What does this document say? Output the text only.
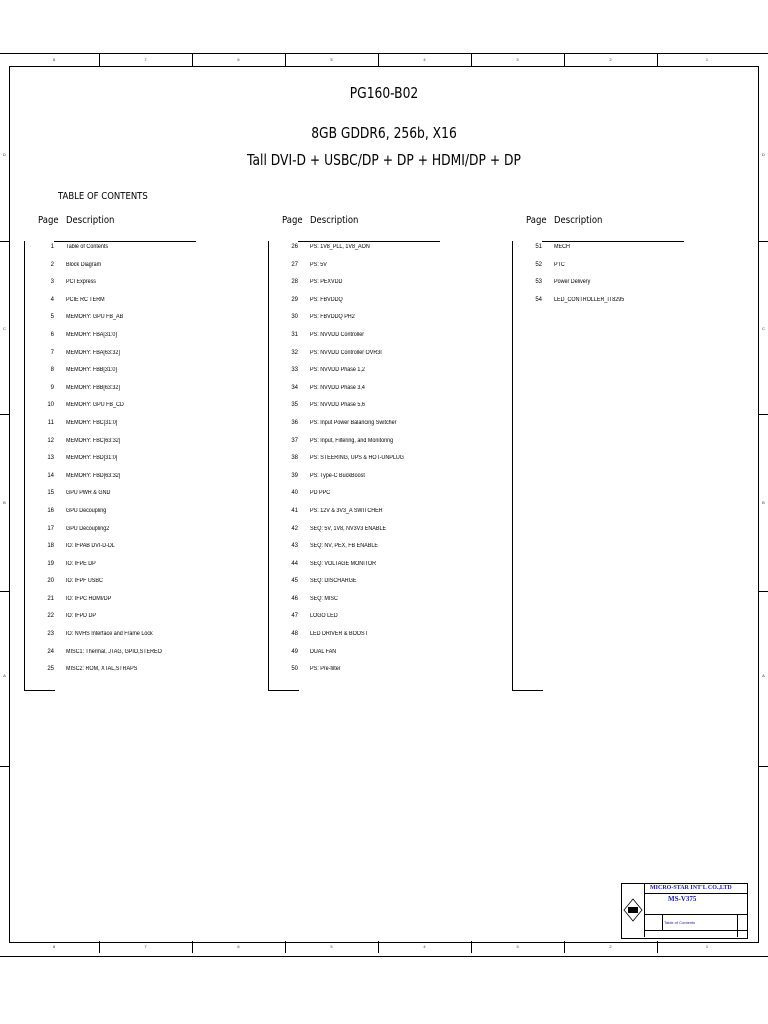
8	7	6	5	4	3	2	1
8	7	6	5	4	3	2	1
D
C
B
A
D
C
B
A
PG160-B02
8GB GDDR6, 256b, X16
Tall DVI-D + USBC/DP + DP + HDMI/DP + DP
TABLE OF CONTENTS
Page Description
1 Table of Contents
2 Block Diagram
3 PCI Express
4 PCIE RC TERM
5 MEMORY: GPU FB_AB
6 MEMORY: FBA[31:0]
7 MEMORY: FBA[63:32]
8 MEMORY: FBB[31:0]
9 MEMORY: FBB[63:32]
10 MEMORY: GPU FB_CD
11 MEMORY: FBC[31:0]
12 MEMORY: FBC[63:32]
13 MEMORY: FBD[31:0]
14 MEMORY: FBD[63:32]
15 GPU PWR & GND
16 GPU Decoupling
17 GPU Decoupling2
18 IO: IFPAB DVI-D-DL
19 IO: IFPE DP
20 IO: IFPF USBC
21 IO: IFPC HDMI/DP
22 IO: IFPD DP
23 IO: NVHS Interface and Frame Lock
24 MISC1: Thermal, JTAG, GPIO,STEREO
25 MISC2: ROM, XTAL,STRAPS
Page Description
26 PS: 1V8_PLL, 1V8_AON
27 PS: 5V
28 PS: PEXVDD
29 PS: FBVDDQ
30 PS: FBVDDQ PH2
31 PS: NVVDD Controller
32 PS: NVVDD Controller OVR3I
33 PS: NVVDD Phase 1,2
34 PS: NVVDD Phase 3,4
35 PS: NVVDD Phase 5,6
36 PS: Input Power Balancing Switcher
37 PS: Input, Filtering, and Monitoring
38 PS: STEERING, UPS & HOT-UNPLUG
39 PS: Type-C BuckBoost
40 PD PPC
41 PS: 12V & 3V3_A SWITCHER
42 SEQ: 5V, 1V8, NV3V3 ENABLE
43 SEQ: NV, PEX, FB ENABLE
44 SEQ: VOLTAGE MONITOR
45 SEQ: DISCHARGE
46 SEQ: MISC
47 LOGO LED
48 LED DRIVER & BOOST
49 DUAL FAN
50 PS: Pre-filter
Page Description
51 MECH
52 PTC
53 Power Delivery
54 LED_CONTROLLER_IT8295
MICRO-STAR INT'L CO.,LTD
MS-V375
Table of Contents
